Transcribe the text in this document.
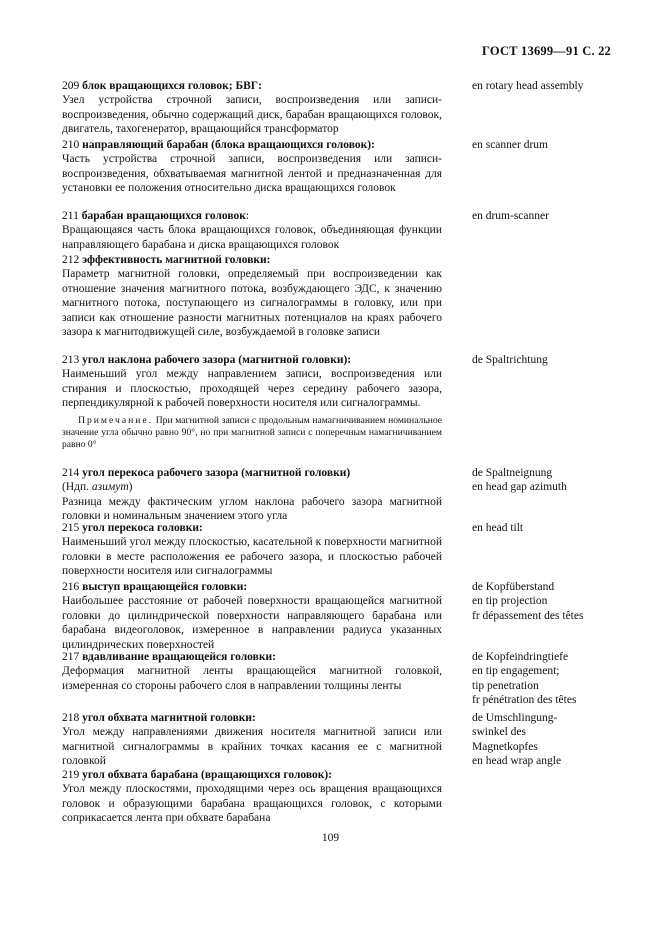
ГОСТ 13699—91 С. 22
209 блок вращающихся головок; БВГ:
Узел устройства строчной записи, воспроизведения или записи-воспроизведения, обычно содержащий диск, барабан вращающихся головок, двигатель, тахогенератор, вращающийся трансформатор
en rotary head assembly
210 направляющий барабан (блока вращающихся головок):
Часть устройства строчной записи, воспроизведения или записи-воспроизведения, обхватываемая магнитной лентой и предназначенная для установки ее положения относительно диска вращающихся головок
en scanner drum
211 барабан вращающихся головок:
Вращающаяся часть блока вращающихся головок, объединяющая функции направляющего барабана и диска вращающихся головок
en drum-scanner
212 эффективность магнитной головки:
Параметр магнитной головки, определяемый при воспроизведении как отношение значения магнитного потока, возбуждающего ЭДС, к значению магнитного потока, поступающего из сигналограммы в головку, или при записи как отношение разности магнитных потенциалов на краях рабочего зазора к магнитодвижущей силе, возбуждаемой в головке записи
213 угол наклона рабочего зазора (магнитной головки):
Наименьший угол между направлением записи, воспроизведения или стирания и плоскостью, проходящей через середину рабочего зазора, перпендикулярной к рабочей поверхности носителя или сигналограммы.
Примечание. При магнитной записи с продольным намагничиванием номинальное значение угла обычно равно 90°, но при магнитной записи с поперечным намагничиванием равно 0°
de Spaltrichtung
214 угол перекоса рабочего зазора (магнитной головки)
(Ндп. азимут)
Разница между фактическим углом наклона рабочего зазора магнитной головки и номинальным значением этого угла
de Spaltneignung
en head gap azimuth
215 угол перекоса головки:
Наименьший угол между плоскостью, касательной к поверхности магнитной головки в месте расположения ее рабочего зазора, и плоскостью рабочей поверхности носителя или сигналограммы
en head tilt
216 выступ вращающейся головки:
Наибольшее расстояние от рабочей поверхности вращающейся магнитной головки до цилиндрической поверхности направляющего барабана или барабана видеоголовок, измеренное в направлении радиуса указанных цилиндрических поверхностей
de Kopfüberstand
en tip projection
fr dépassement des têtes
217 вдавливание вращающейся головки:
Деформация магнитной ленты вращающейся магнитной головкой, измеренная со стороны рабочего слоя в направлении толщины ленты
de Kopfeindringtiefe
en tip engagement;
tip penetration
fr pénétration des têtes
218 угол обхвата магнитной головки:
Угол между направлениями движения носителя магнитной записи или магнитной сигналограммы в крайних точках касания ее с магнитной головкой
de Umschlingung-
swinkel des
Magnetkopfes
en head wrap angle
219 угол обхвата барабана (вращающихся головок):
Угол между плоскостями, проходящими через ось вращения вращающихся головок и образующими барабана вращающихся головок, с которыми соприкасается лента при обхвате барабана
109
